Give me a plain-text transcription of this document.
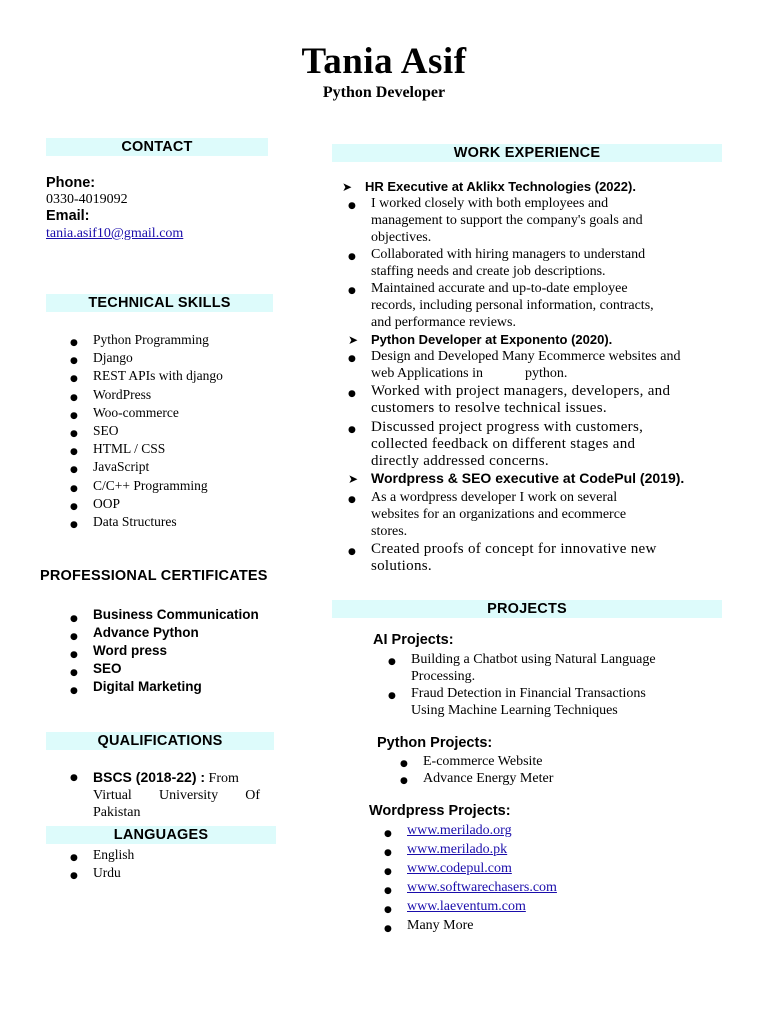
Tania Asif
Python Developer
CONTACT
Phone:
0330-4019092
Email:
tania.asif10@gmail.com
TECHNICAL SKILLS
● Python Programming
● Django
● REST APIs with django
● WordPress
● Woo-commerce
● SEO
● HTML / CSS
● JavaScript
● C/C++ Programming
● OOP
● Data Structures
PROFESSIONAL CERTIFICATES
● Business Communication
● Advance Python
● Word press
● SEO
● Digital Marketing
QUALIFICATIONS
● BSCS (2018-22) : From
Virtual University Of
Pakistan
LANGUAGES
● English
● Urdu
WORK EXPERIENCE
➤ HR Executive at Aklikx Technologies (2022).
● I worked closely with both employees and
management to support the company's goals and
objectives.
● Collaborated with hiring managers to understand
staffing needs and create job descriptions.
● Maintained accurate and up-to-date employee
records, including personal information, contracts,
and performance reviews.
➤ Python Developer at Exponento (2020).
● Design and Developed Many Ecommerce websites and
web Applications in            python.
● Worked with project managers, developers, and
customers to resolve technical issues.
● Discussed project progress with customers,
collected feedback on different stages and
directly addressed concerns.
➤ Wordpress & SEO executive at CodePul (2019).
● As a wordpress developer I work on several
websites for an organizations and ecommerce
stores.
● Created proofs of concept for innovative new
solutions.
PROJECTS
AI Projects:
● Building a Chatbot using Natural Language
Processing.
● Fraud Detection in Financial Transactions
Using Machine Learning Techniques
Python Projects:
● E-commerce Website
● Advance Energy Meter
Wordpress Projects:
● www.merilado.org
● www.merilado.pk
● www.codepul.com
● www.softwarechasers.com
● www.laeventum.com
● Many More
